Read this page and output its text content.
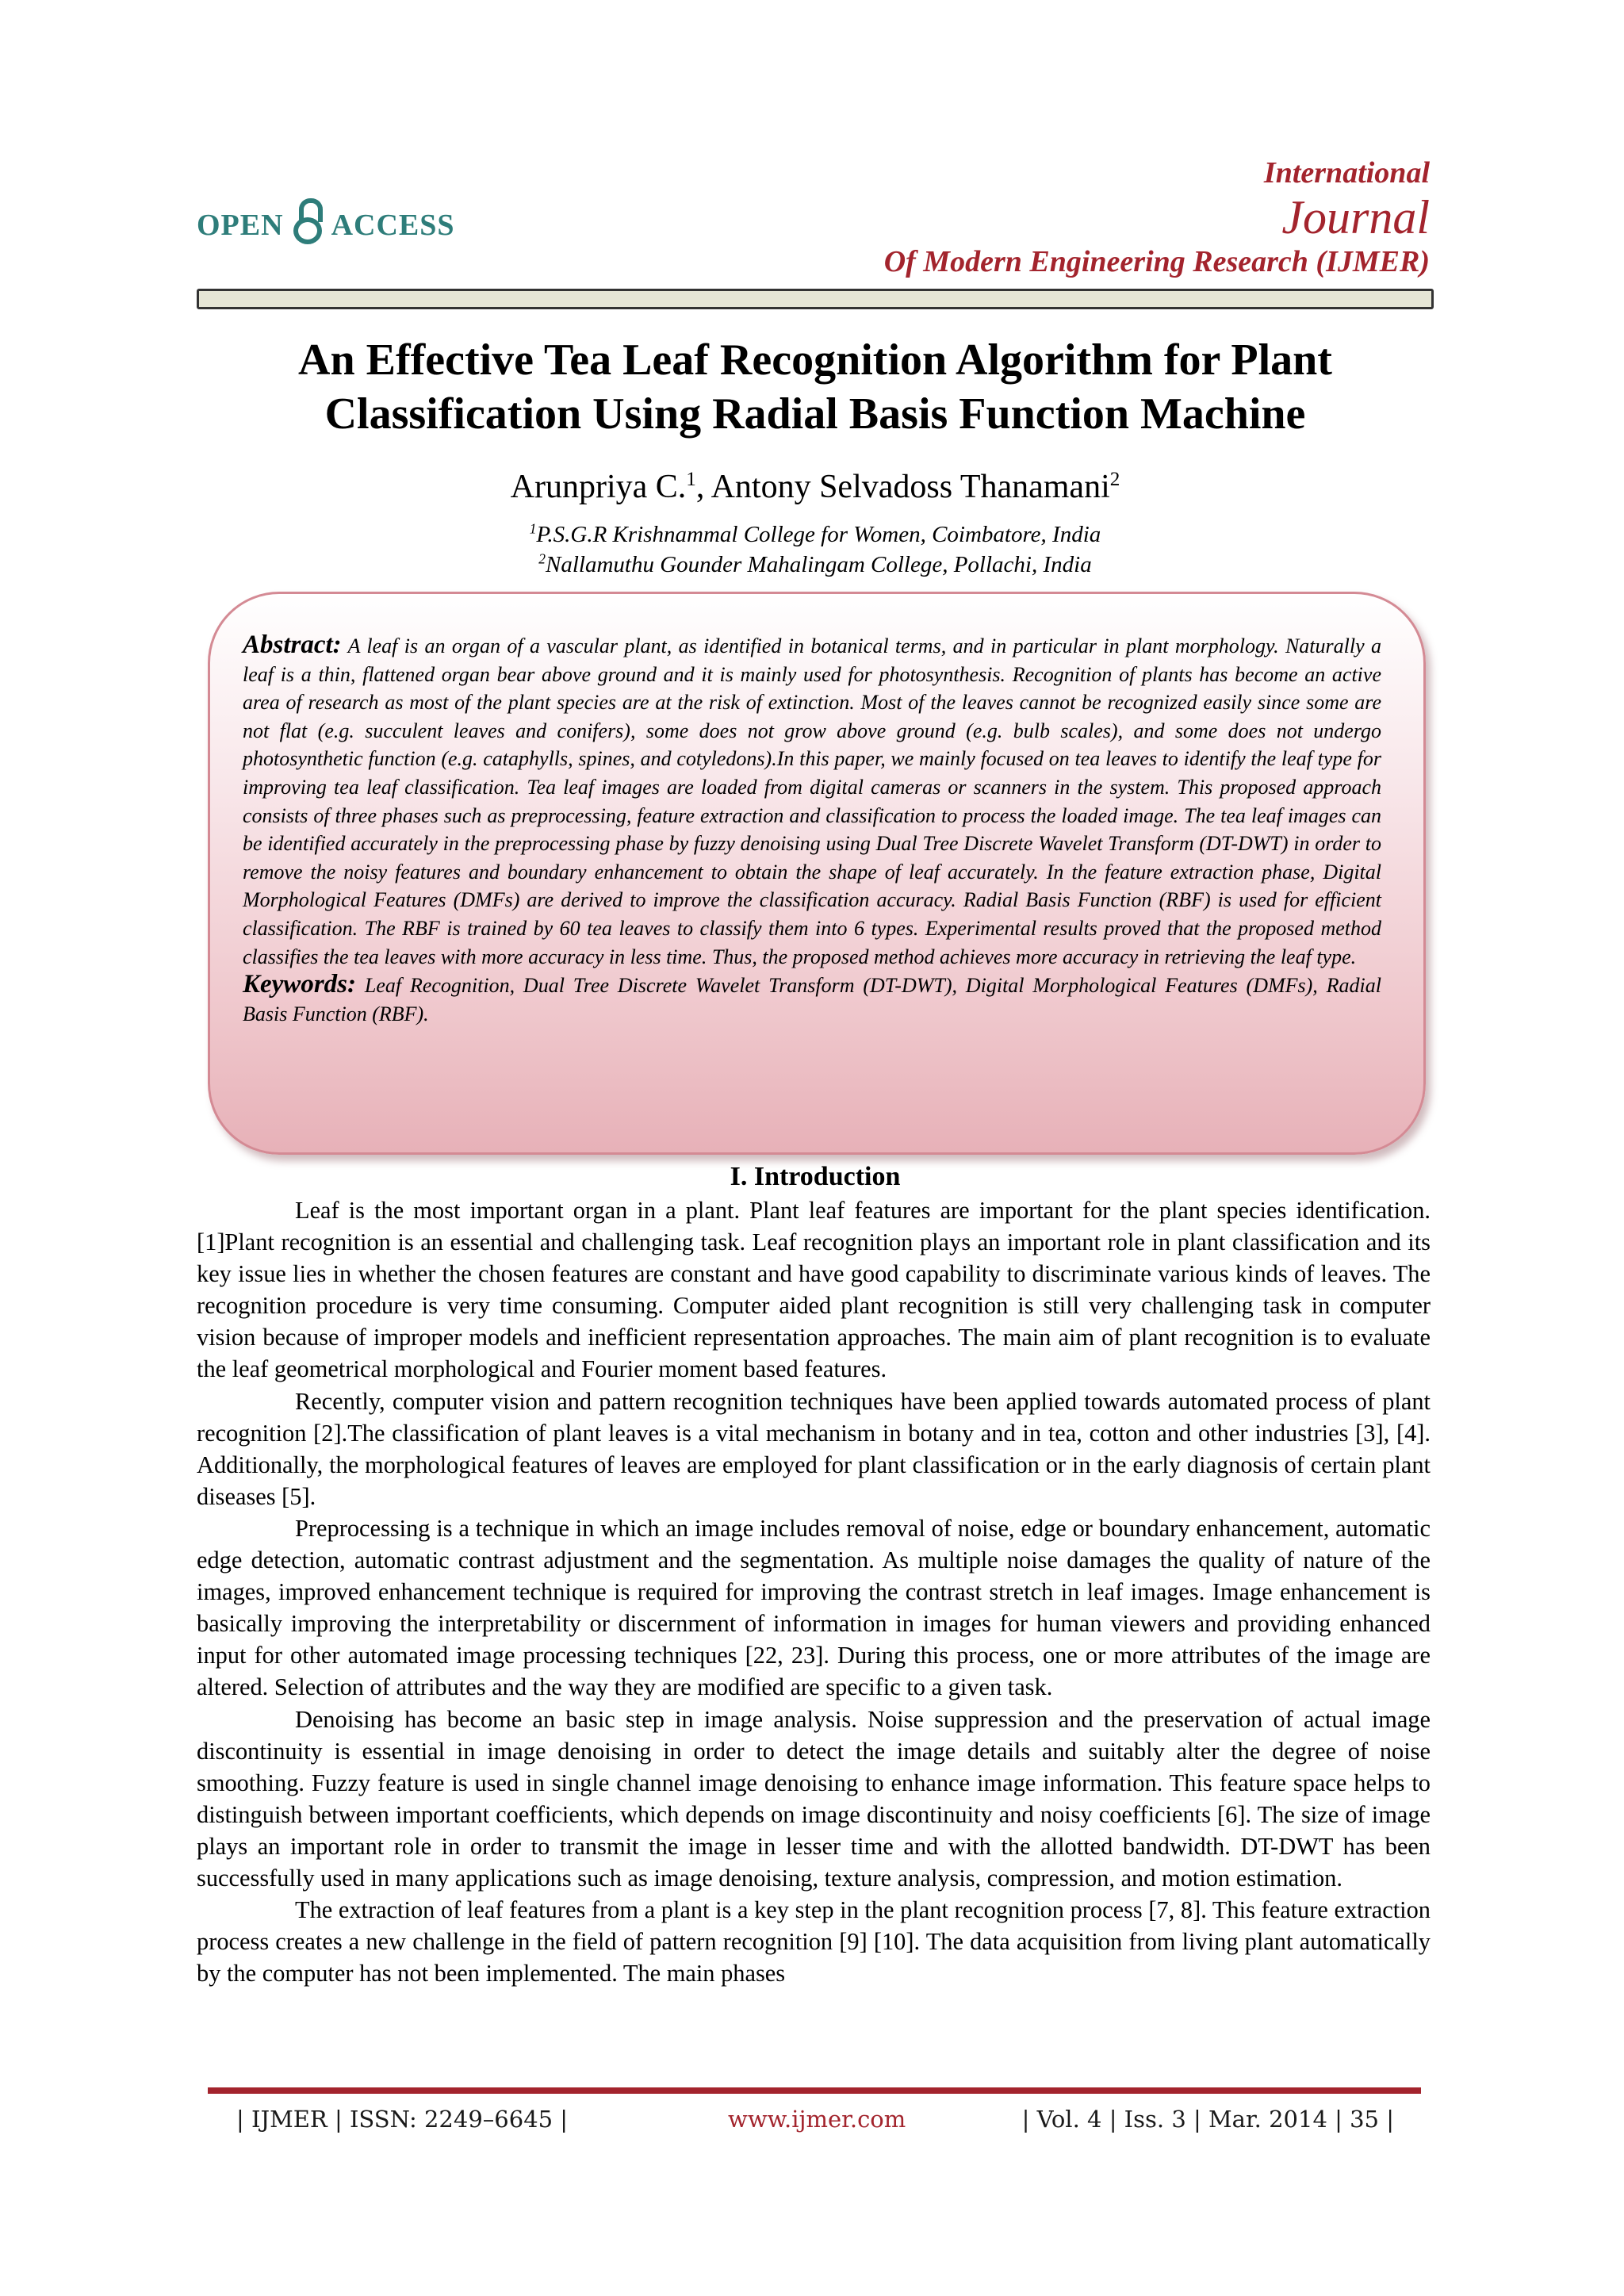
OPEN ACCESS
International
Journal
Of Modern Engineering Research (IJMER)
An Effective Tea Leaf Recognition Algorithm for Plant
Classification Using Radial Basis Function Machine
Arunpriya C.$^1$, Antony Selvadoss Thanamani$^2$
$^1$P.S.G.R Krishnammal College for Women, Coimbatore, India
$^2$Nallamuthu Gounder Mahalingam College, Pollachi, India

Abstract: A leaf is an organ of a vascular plant, as identified in botanical terms, and in particular in plant morphology. Naturally a leaf is a thin, flattened organ bear above ground and it is mainly used for photosynthesis. Recognition of plants has become an active area of research as most of the plant species are at the risk of extinction. Most of the leaves cannot be recognized easily since some are not flat (e.g. succulent leaves and conifers), some does not grow above ground (e.g. bulb scales), and some does not undergo photosynthetic function (e.g. cataphylls, spines, and cotyledons).In this paper, we mainly focused on tea leaves to identify the leaf type for improving tea leaf classification. Tea leaf images are loaded from digital cameras or scanners in the system. This proposed approach consists of three phases such as preprocessing, feature extraction and classification to process the loaded image. The tea leaf images can be identified accurately in the preprocessing phase by fuzzy denoising using Dual Tree Discrete Wavelet Transform (DT-DWT) in order to remove the noisy features and boundary enhancement to obtain the shape of leaf accurately. In the feature extraction phase, Digital Morphological Features (DMFs) are derived to improve the classification accuracy. Radial Basis Function (RBF) is used for efficient classification. The RBF is trained by 60 tea leaves to classify them into 6 types. Experimental results proved that the proposed method classifies the tea leaves with more accuracy in less time. Thus, the proposed method achieves more accuracy in retrieving the leaf type.

Keywords: Leaf Recognition, Dual Tree Discrete Wavelet Transform (DT-DWT), Digital Morphological Features (DMFs), Radial Basis Function (RBF).

I. Introduction

Leaf is the most important organ in a plant. Plant leaf features are important for the plant species identification.[1]Plant recognition is an essential and challenging task. Leaf recognition plays an important role in plant classification and its key issue lies in whether the chosen features are constant and have good capability to discriminate various kinds of leaves. The recognition procedure is very time consuming. Computer aided plant recognition is still very challenging task in computer vision because of improper models and inefficient representation approaches. The main aim of plant recognition is to evaluate the leaf geometrical morphological and Fourier moment based features.

Recently, computer vision and pattern recognition techniques have been applied towards automated process of plant recognition [2].The classification of plant leaves is a vital mechanism in botany and in tea, cotton and other industries [3], [4]. Additionally, the morphological features of leaves are employed for plant classification or in the early diagnosis of certain plant diseases [5].

Preprocessing is a technique in which an image includes removal of noise, edge or boundary enhancement, automatic edge detection, automatic contrast adjustment and the segmentation. As multiple noise damages the quality of nature of the images, improved enhancement technique is required for improving the contrast stretch in leaf images. Image enhancement is basically improving the interpretability or discernment of information in images for human viewers and providing enhanced input for other automated image processing techniques [22, 23]. During this process, one or more attributes of the image are altered. Selection of attributes and the way they are modified are specific to a given task.

Denoising has become an basic step in image analysis. Noise suppression and the preservation of actual image discontinuity is essential in image denoising in order to detect the image details and suitably alter the degree of noise smoothing. Fuzzy feature is used in single channel image denoising to enhance image information. This feature space helps to distinguish between important coefficients, which depends on image discontinuity and noisy coefficients [6]. The size of image plays an important role in order to transmit the image in lesser time and with the allotted bandwidth. DT-DWT has been successfully used in many applications such as image denoising, texture analysis, compression, and motion estimation.

The extraction of leaf features from a plant is a key step in the plant recognition process [7, 8]. This feature extraction process creates a new challenge in the field of pattern recognition [9] [10]. The data acquisition from living plant automatically by the computer has not been implemented. The main phases

| IJMER | ISSN: 2249–6645 |	www.ijmer.com	| Vol. 4 | Iss. 3 | Mar. 2014 | 35 |
